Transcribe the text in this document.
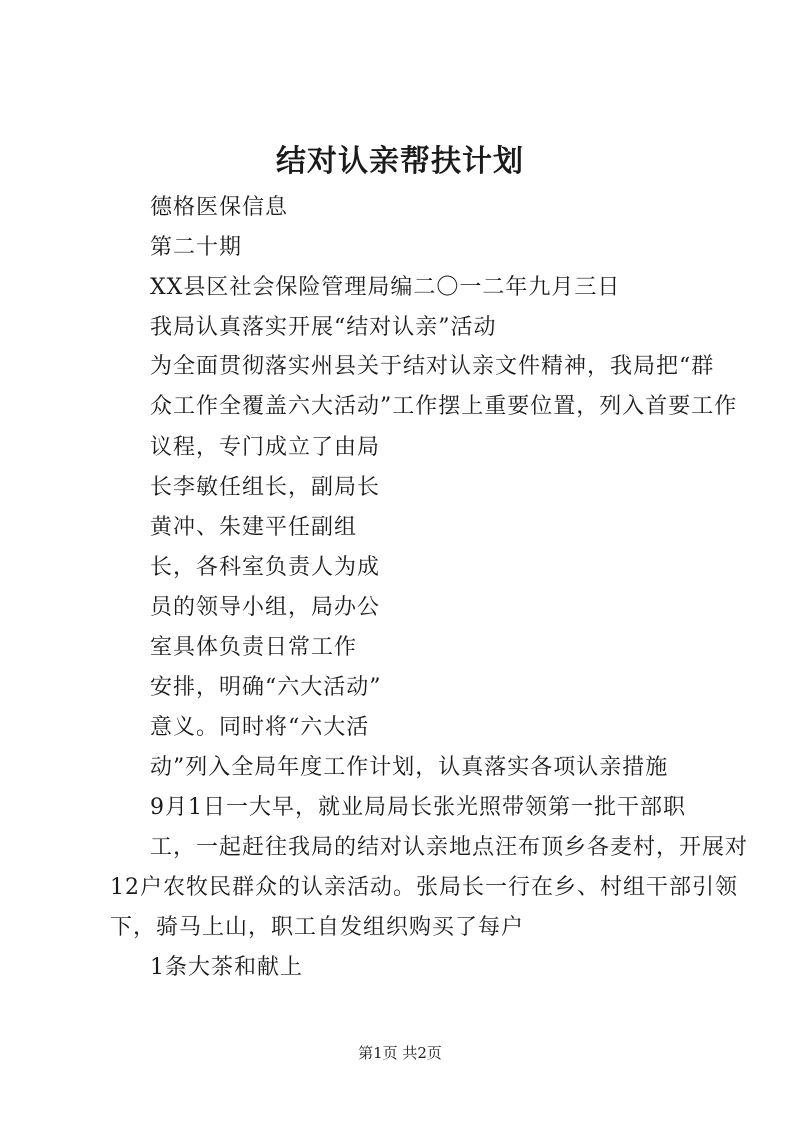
结对认亲帮扶计划
德格医保信息
第二十期
XX县区社会保险管理局编二〇一二年九月三日
我局认真落实开展“结对认亲”活动
为全面贯彻落实州县关于结对认亲文件精神，我局把“群
众工作全覆盖六大活动”工作摆上重要位置，列入首要工作
议程，专门成立了由局
长李敏任组长，副局长
黄冲、朱建平任副组
长，各科室负责人为成
员的领导小组，局办公
室具体负责日常工作
安排，明确“六大活动”
意义。同时将“六大活
动”列入全局年度工作计划，认真落实各项认亲措施
9月1日一大早，就业局局长张光照带领第一批干部职
工，一起赶往我局的结对认亲地点汪布顶乡各麦村，开展对
12户农牧民群众的认亲活动。张局长一行在乡、村组干部引领
下，骑马上山，职工自发组织购买了每户
1条大茶和献上
第1页 共2页
